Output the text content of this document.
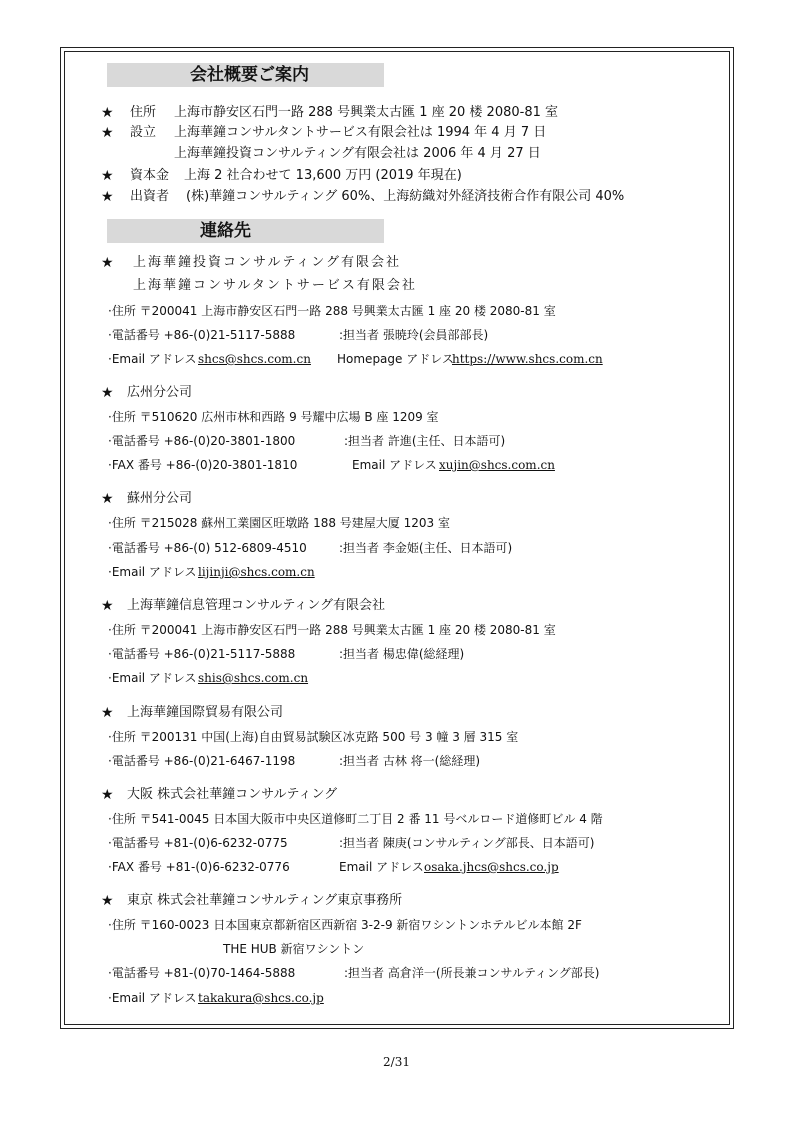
会社概要ご案内
★ 住所 上海市静安区石門一路 288 号興業太古匯 1 座 20 楼 2080-81 室
★ 設立 上海華鐘コンサルタントサービス有限会社は 1994 年 4 月 7 日
上海華鐘投資コンサルティング有限会社は 2006 年 4 月 27 日
★ 資本金 上海 2 社合わせて 13,600 万円 (2019 年現在)
★ 出資者 (株)華鐘コンサルティング 60%、上海紡織対外経済技術合作有限公司 40%
連絡先
★ 上海華鐘投資コンサルティング有限会社
上海華鐘コンサルタントサービス有限会社
·住所 〒200041 上海市静安区石門一路 288 号興業太古匯 1 座 20 楼 2080-81 室
·電話番号 +86-(0)21-5117-5888	:担当者 張暁玲(会員部部長)
·Email アドレス shcs@shcs.com.cn Homepage アドレス
https://www.shcs.com.cn
★ 広州分公司
·住所 〒510620 広州市林和西路 9 号耀中広場 B 座 1209 室
·電話番号 +86-(0)20-3801-1800	:担当者 許進(主任、日本語可)
·FAX 番号 +86-(0)20-3801-1810	Email アドレス xujin@shcs.com.cn
★ 蘇州分公司
·住所 〒215028 蘇州工業園区旺墩路 188 号建屋大厦 1203 室
·電話番号 +86-(0) 512-6809-4510	:担当者 李金姫(主任、日本語可)
·Email アドレス lijinji@shcs.com.cn
★ 上海華鐘信息管理コンサルティング有限会社
·住所 〒200041 上海市静安区石門一路 288 号興業太古匯 1 座 20 楼 2080-81 室
·電話番号 +86-(0)21-5117-5888	:担当者 楊忠偉(総経理)
·Email アドレス shis@shcs.com.cn
★ 上海華鐘国際貿易有限公司
·住所 〒200131 中国(上海)自由貿易試験区冰克路 500 号 3 幢 3 層 315 室
·電話番号 +86-(0)21-6467-1198	:担当者 古林 将一(総経理)
★ 大阪 株式会社華鐘コンサルティング
·住所 〒541-0045 日本国大阪市中央区道修町二丁目 2 番 11 号ベルロード道修町ビル 4 階
·電話番号 +81-(0)6-6232-0775	:担当者 陳庚(コンサルティング部長、日本語可)
·FAX 番号 +81-(0)6-6232-0776	Email アドレス osaka.jhcs@shcs.co.jp
★ 東京 株式会社華鐘コンサルティング東京事務所
·住所 〒160-0023 日本国東京都新宿区西新宿 3-2-9 新宿ワシントンホテルビル本館 2F
THE HUB 新宿ワシントン
·電話番号 +81-(0)70-1464-5888	:担当者 高倉洋一(所長兼コンサルティング部長)
·Email アドレス takakura@shcs.co.jp
2/31
